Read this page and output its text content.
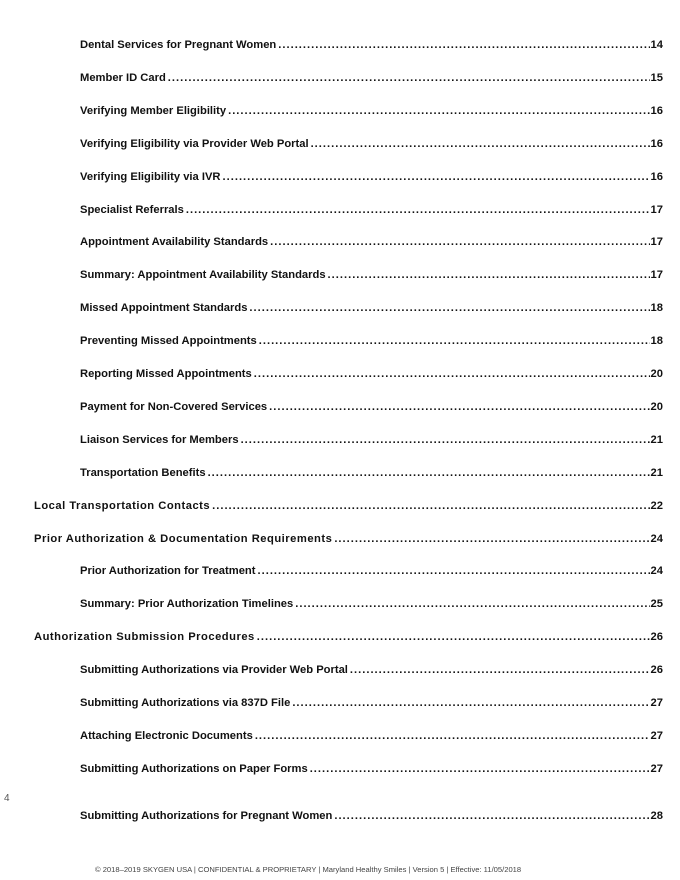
Dental Services for Pregnant Women .....	14
Member ID Card .....	15
Verifying Member Eligibility .....	16
Verifying Eligibility via Provider Web Portal .....	16
Verifying Eligibility via IVR .....	16
Specialist Referrals .....	17
Appointment Availability Standards .....	17
Summary: Appointment Availability Standards .....	17
Missed Appointment Standards .....	18
Preventing Missed Appointments .....	18
Reporting Missed Appointments .....	20
Payment for Non-Covered Services .....	20
Liaison Services for Members .....	21
Transportation Benefits .....	21
Local Transportation Contacts .....	22
Prior Authorization & Documentation Requirements .....	24
Prior Authorization for Treatment .....	24
Summary: Prior Authorization Timelines .....	25
Authorization Submission Procedures .....	26
Submitting Authorizations via Provider Web Portal .....	26
Submitting Authorizations via 837D File .....	27
Attaching Electronic Documents .....	27
Submitting Authorizations on Paper Forms .....	27
Submitting Authorizations for Pregnant Women .....	28
4
© 2018–2019 SKYGEN USA | CONFIDENTIAL & PROPRIETARY | Maryland Healthy Smiles | Version 5 | Effective: 11/05/2018
